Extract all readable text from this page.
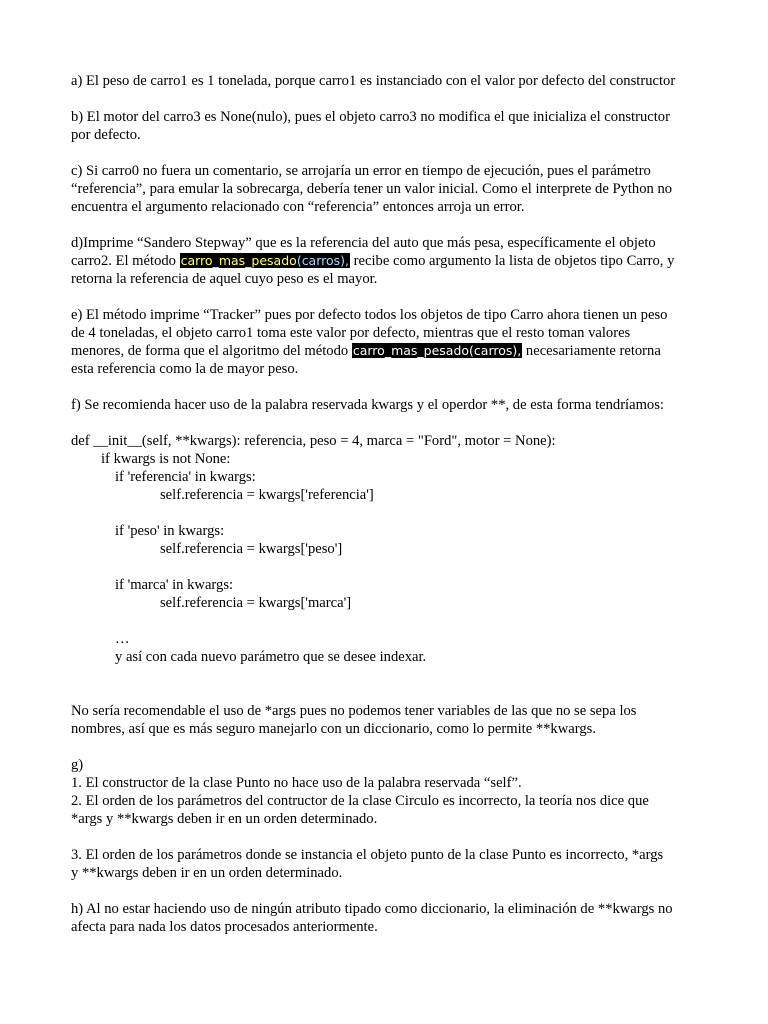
a) El peso de carro1 es 1 tonelada, porque carro1 es instanciado con el valor por defecto del constructor

b) El motor del carro3 es None(nulo), pues el objeto carro3 no modifica el que inicializa el constructor
por defecto.

c) Si carro0 no fuera un comentario, se arrojaría un error en tiempo de ejecución, pues el parámetro
“referencia”, para emular la sobrecarga, debería tener un valor inicial. Como el interprete de Python no
encuentra el argumento relacionado con “referencia” entonces arroja un error.

d)Imprime “Sandero Stepway” que es la referencia del auto que más pesa, específicamente el objeto
carro2. El método carro_mas_pesado(carros), recibe como argumento la lista de objetos tipo Carro, y
retorna la referencia de aquel cuyo peso es el mayor.

e) El método imprime “Tracker” pues por defecto todos los objetos de tipo Carro ahora tienen un peso
de 4 toneladas, el objeto carro1 toma este valor por defecto, mientras que el resto toman valores
menores, de forma que el algoritmo del método carro_mas_pesado(carros), necesariamente retorna
esta referencia como la de mayor peso.

f) Se recomienda hacer uso de la palabra reservada kwargs y el operdor **, de esta forma tendríamos:

def __init__(self, **kwargs): referencia, peso = 4, marca = "Ford", motor = None):
if kwargs is not None:
if 'referencia' in kwargs:
self.referencia = kwargs['referencia']
if 'peso' in kwargs:
self.referencia = kwargs['peso']
if 'marca' in kwargs:
self.referencia = kwargs['marca']
…
y así con cada nuevo parámetro que se desee indexar.

No sería recomendable el uso de *args pues no podemos tener variables de las que no se sepa los
nombres, así que es más seguro manejarlo con un diccionario, como lo permite **kwargs.

g)
1. El constructor de la clase Punto no hace uso de la palabra reservada “self”.
2. El orden de los parámetros del contructor de la clase Circulo es incorrecto, la teoría nos dice que
*args y **kwargs deben ir en un orden determinado.

3. El orden de los parámetros donde se instancia el objeto punto de la clase Punto es incorrecto, *args
y **kwargs deben ir en un orden determinado.

h) Al no estar haciendo uso de ningún atributo tipado como diccionario, la eliminación de **kwargs no
afecta para nada los datos procesados anteriormente.
